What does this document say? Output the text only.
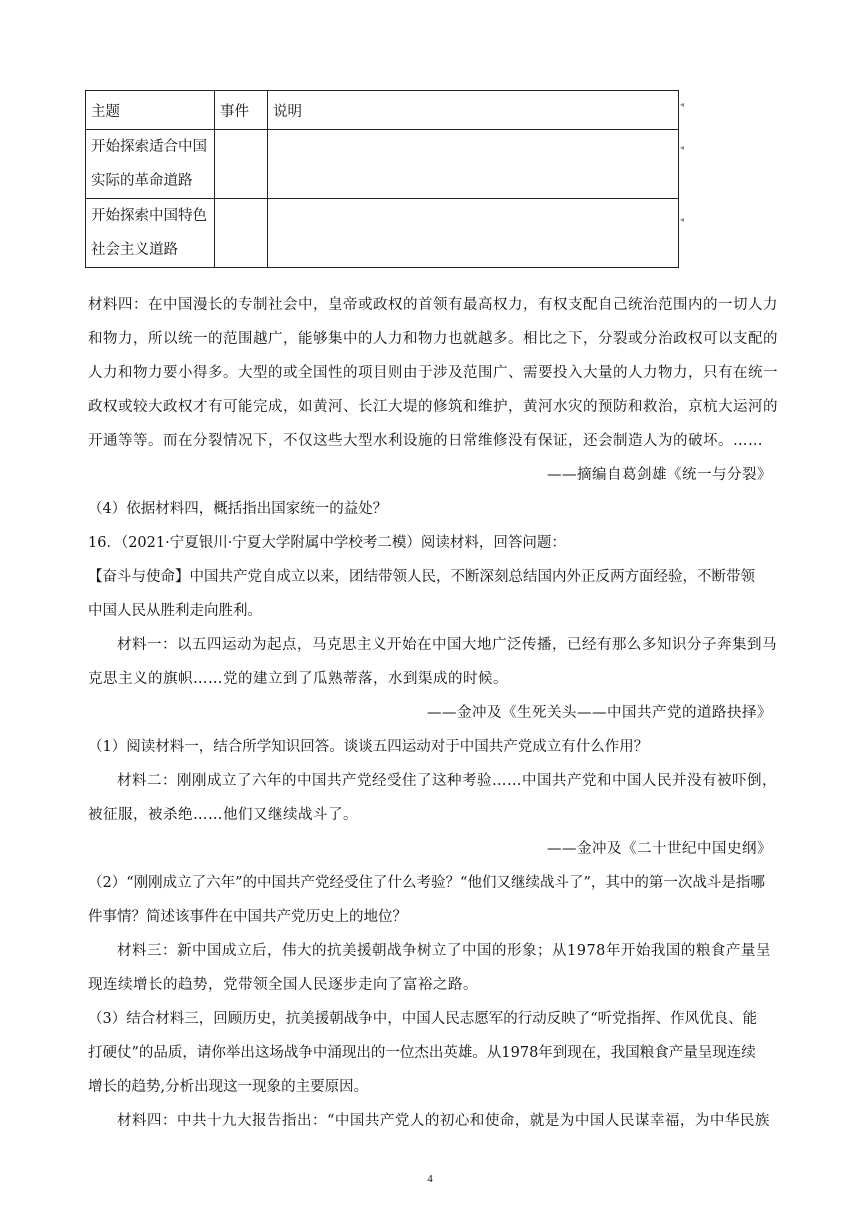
主题	事件	说明

开始探索适合中国
实际的革命道路		

开始探索中国特色
社会主义道路		

◂
◂
◂
材料四：在中国漫长的专制社会中，皇帝或政权的首领有最高权力，有权支配自己统治范围内的一切人力
和物力，所以统一的范围越广，能够集中的人力和物力也就越多。相比之下，分裂或分治政权可以支配的
人力和物力要小得多。大型的或全国性的项目则由于涉及范围广、需要投入大量的人力物力，只有在统一
政权或较大政权才有可能完成，如黄河、长江大堤的修筑和维护，黄河水灾的预防和救治，京杭大运河的
开通等等。而在分裂情况下，不仅这些大型水利设施的日常维修没有保证，还会制造人为的破坏。……
——摘编自葛剑雄《统一与分裂》
（4）依据材料四，概括指出国家统一的益处？
16．（2021·宁夏银川·宁夏大学附属中学校考二模）阅读材料，回答问题：
【奋斗与使命】中国共产党自成立以来，团结带领人民，不断深刻总结国内外正反两方面经验，不断带领
中国人民从胜利走向胜利。
材料一：以五四运动为起点，马克思主义开始在中国大地广泛传播，已经有那么多知识分子奔集到马
克思主义的旗帜……党的建立到了瓜熟蒂落，水到渠成的时候。
——金冲及《生死关头——中国共产党的道路抉择》
（1）阅读材料一，结合所学知识回答。谈谈五四运动对于中国共产党成立有什么作用？
材料二：刚刚成立了六年的中国共产党经受住了这种考验……中国共产党和中国人民并没有被吓倒，
被征服，被杀绝……他们又继续战斗了。
——金冲及《二十世纪中国史纲》
（2）“刚刚成立了六年”的中国共产党经受住了什么考验？“他们又继续战斗了”，其中的第一次战斗是指哪
件事情？简述该事件在中国共产党历史上的地位？
材料三：新中国成立后，伟大的抗美援朝战争树立了中国的形象；从1978年开始我国的粮食产量呈
现连续增长的趋势，党带领全国人民逐步走向了富裕之路。
（3）结合材料三，回顾历史，抗美援朝战争中，中国人民志愿军的行动反映了“听党指挥、作风优良、能
打硬仗”的品质，请你举出这场战争中涌现出的一位杰出英雄。从1978年到现在，我国粮食产量呈现连续
增长的趋势,分析出现这一现象的主要原因。
材料四：中共十九大报告指出：“中国共产党人的初心和使命，就是为中国人民谋幸福，为中华民族
4
